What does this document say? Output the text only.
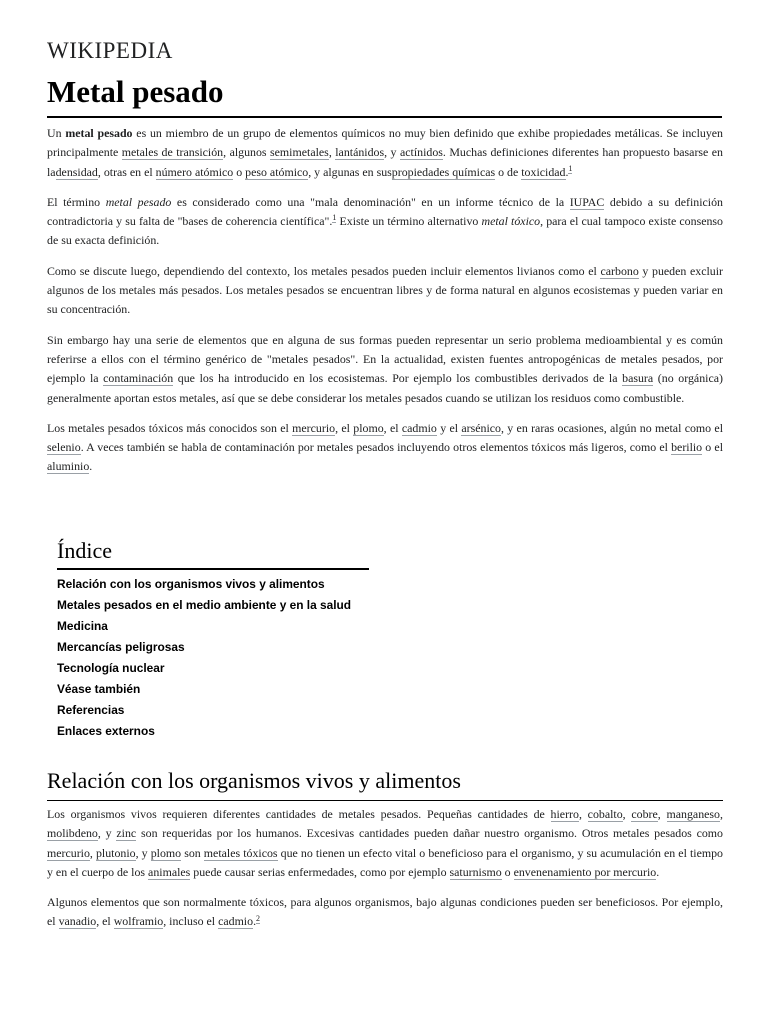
WIKIPEDIA
Metal pesado

Un metal pesado es un miembro de un grupo de elementos químicos no muy bien definido que exhibe propiedades metálicas. Se incluyen principalmente metales de transición, algunos semimetales, lantánidos, y actínidos. Muchas definiciones diferentes han propuesto basarse en ladensidad, otras en el número atómico o peso atómico, y algunas en suspropiedades químicas o de toxicidad.$^1$

El término metal pesado es considerado como una "mala denominación" en un informe técnico de la IUPAC debido a su definición contradictoria y su falta de "bases de coherencia científica".$^1$ Existe un término alternativo metal tóxico, para el cual tampoco existe consenso de su exacta definición.

Como se discute luego, dependiendo del contexto, los metales pesados pueden incluir elementos livianos como el carbono y pueden excluir algunos de los metales más pesados. Los metales pesados se encuentran libres y de forma natural en algunos ecosistemas y pueden variar en su concentración.

Sin embargo hay una serie de elementos que en alguna de sus formas pueden representar un serio problema medioambiental y es común referirse a ellos con el término genérico de "metales pesados". En la actualidad, existen fuentes antropogénicas de metales pesados, por ejemplo la contaminación que los ha introducido en los ecosistemas. Por ejemplo los combustibles derivados de la basura (no orgánica) generalmente aportan estos metales, así que se debe considerar los metales pesados cuando se utilizan los residuos como combustible.

Los metales pesados tóxicos más conocidos son el mercurio, el plomo, el cadmio y el arsénico, y en raras ocasiones, algún no metal como el selenio. A veces también se habla de contaminación por metales pesados incluyendo otros elementos tóxicos más ligeros, como el berilio o el aluminio.

Índice
Relación con los organismos vivos y alimentos
Metales pesados en el medio ambiente y en la salud
Medicina
Mercancías peligrosas
Tecnología nuclear
Véase también
Referencias
Enlaces externos
Relación con los organismos vivos y alimentos

Los organismos vivos requieren diferentes cantidades de metales pesados. Pequeñas cantidades de hierro, cobalto, cobre, manganeso, molibdeno, y zinc son requeridas por los humanos. Excesivas cantidades pueden dañar nuestro organismo. Otros metales pesados como mercurio, plutonio, y plomo son metales tóxicos que no tienen un efecto vital o beneficioso para el organismo, y su acumulación en el tiempo y en el cuerpo de los animales puede causar serias enfermedades, como por ejemplo saturnismo o envenenamiento por mercurio.

Algunos elementos que son normalmente tóxicos, para algunos organismos, bajo algunas condiciones pueden ser beneficiosos. Por ejemplo, el vanadio, el wolframio, incluso el cadmio.$^2$
